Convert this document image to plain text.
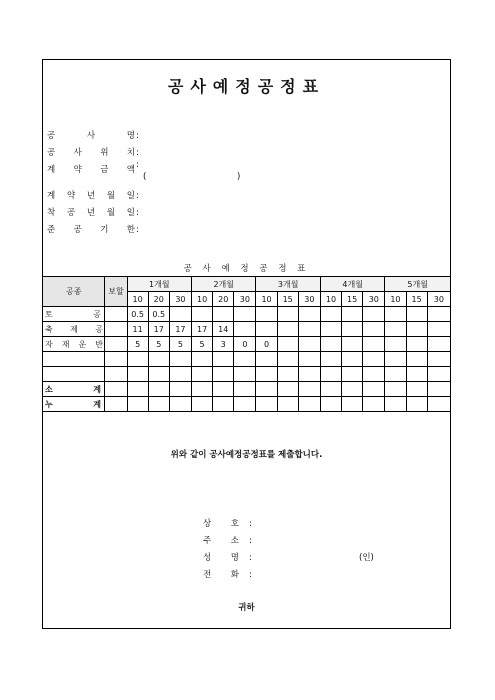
공사예정공정표
공	사	명 :
공 사 위 치 :
계 약 금 액 :
(	)
계 약 년 월 일 :
착 공 년 월 일 :
준 공 기 한 :
공 사 예 정 공 정 표
공종	보할	1개월			2개월			3개월			4개월			5개월		
		10	20	30	10	20	30	10	15	30	10	15	30	10	15	30

토 공		0.5	0.5													

축 제 공		11	17	17	17	14										

자 재 운 반		5	5	5	5	3	0	0								

소 계																

누 계																

위와 같이 공사예정공정표를 제출합니다.
상 호 :
주 소 :
성 명 :	(인)
전 화 :
귀하
